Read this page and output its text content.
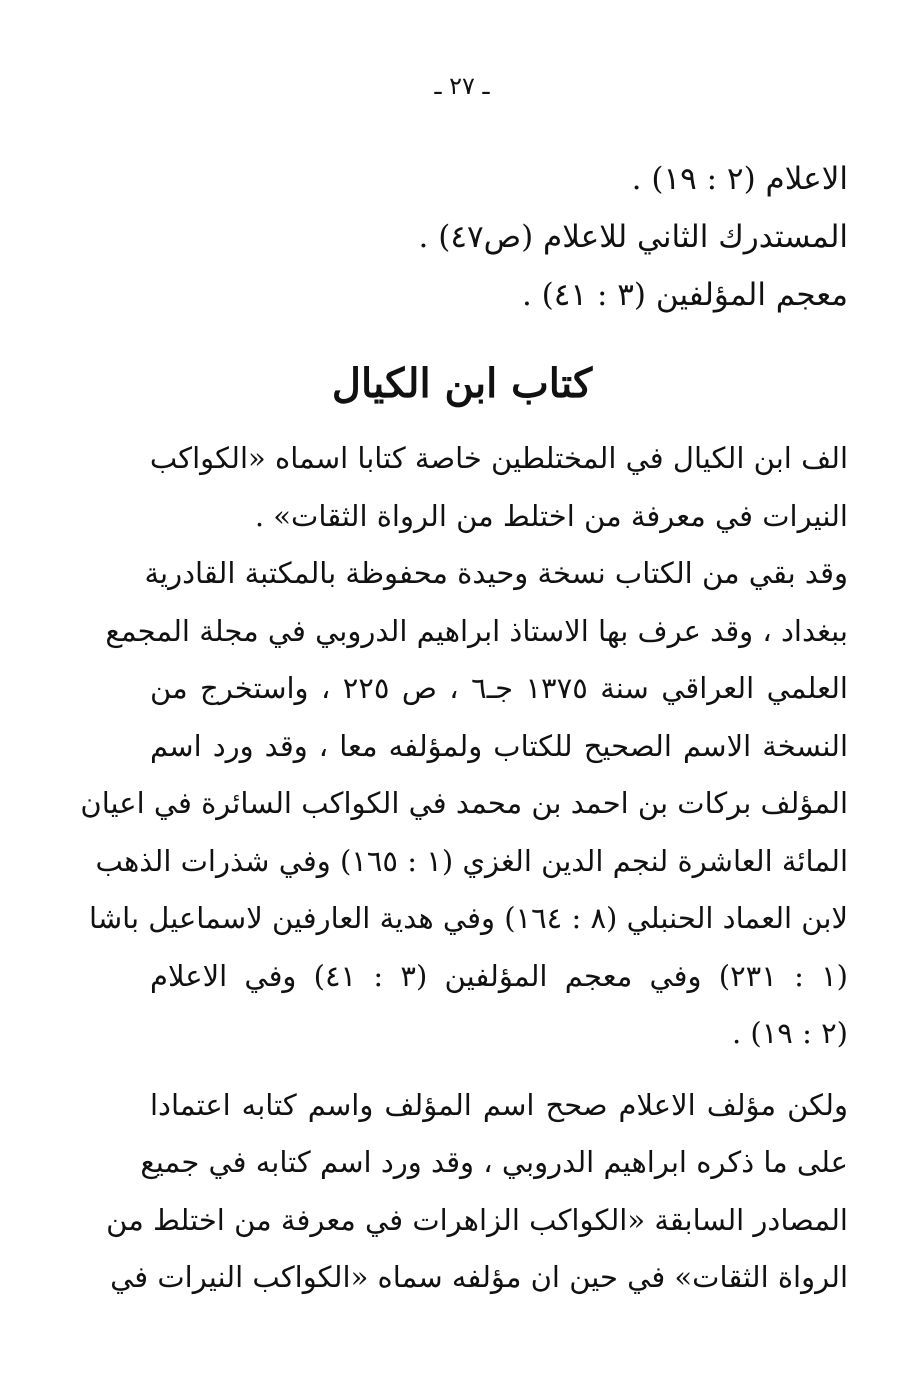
ـ ٢٧ ـ
الاعلام (٢ : ١٩) .
المستدرك الثاني للاعلام (ص٤٧) .
معجم المؤلفين (٣ : ٤١) .
كتاب ابن الكيال

الف ابن الكيال في المختلطين خاصة كتابا اسماه «الكواكب
النيرات في معرفة من اختلط من الرواة الثقات» .

وقد بقي من الكتاب نسخة وحيدة محفوظة بالمكتبة القادرية
ببغداد ، وقد عرف بها الاستاذ ابراهيم الدروبي في مجلة المجمع
العلمي العراقي سنة ١٣٧٥ جـ٦ ، ص ٢٢٥ ، واستخرج من
النسخة الاسم الصحيح للكتاب ولمؤلفه معا ، وقد ورد اسم
المؤلف بركات بن احمد بن محمد في الكواكب السائرة في اعيان
المائة العاشرة لنجم الدين الغزي (١ : ١٦٥) وفي شذرات الذهب
لابن العماد الحنبلي (٨ : ١٦٤) وفي هدية العارفين لاسماعيل باشا
(١ : ٢٣١) وفي معجم المؤلفين (٣ : ٤١) وفي الاعلام
(٢ : ١٩) .

ولكن مؤلف الاعلام صحح اسم المؤلف واسم كتابه اعتمادا
على ما ذكره ابراهيم الدروبي ، وقد ورد اسم كتابه في جميع
المصادر السابقة «الكواكب الزاهرات في معرفة من اختلط من
الرواة الثقات» في حين ان مؤلفه سماه «الكواكب النيرات في
